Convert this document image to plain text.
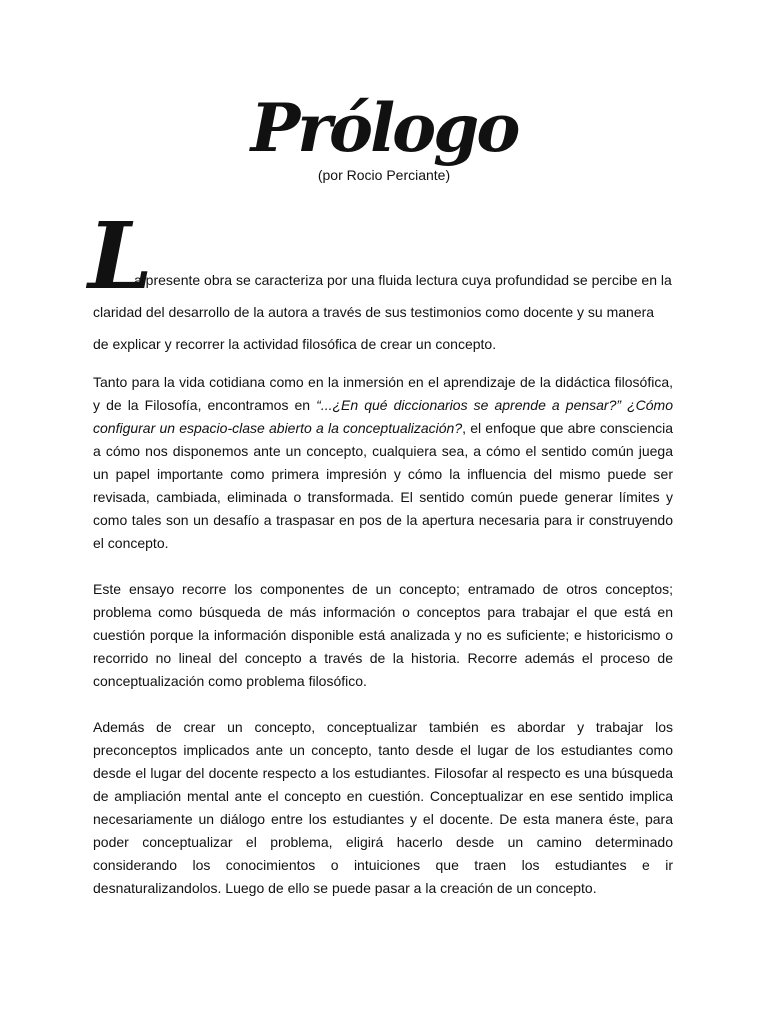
Prólogo
(por Rocio Perciante)
L
a presente obra se caracteriza por una fluida lectura cuya profundidad se percibe en la
claridad del desarrollo de la autora a través de sus testimonios como docente y su manera
de explicar y recorrer la actividad filosófica de crear un concepto.

Tanto para la vida cotidiana como en la inmersión en el aprendizaje de la didáctica filosófica, y de la Filosofía, encontramos en “...¿En qué diccionarios se aprende a pensar?” ¿Cómo configurar un espacio-clase abierto a la conceptualización?, el enfoque que abre consciencia a cómo nos disponemos ante un concepto, cualquiera sea, a cómo el sentido común juega un papel importante como primera impresión y cómo la influencia del mismo puede ser revisada, cambiada, eliminada o transformada. El sentido común puede generar límites y como tales son un desafío a traspasar en pos de la apertura necesaria para ir construyendo el concepto.

Este ensayo recorre los componentes de un concepto; entramado de otros conceptos; problema como búsqueda de más información o conceptos para trabajar el que está en cuestión porque la información disponible está analizada y no es suficiente; e historicismo o recorrido no lineal del concepto a través de la historia. Recorre además el proceso de conceptualización como problema filosófico.

Además de crear un concepto, conceptualizar también es abordar y trabajar los preconceptos implicados ante un concepto, tanto desde el lugar de los estudiantes como desde el lugar del docente respecto a los estudiantes. Filosofar al respecto es una búsqueda de ampliación mental ante el concepto en cuestión. Conceptualizar en ese sentido implica necesariamente un diálogo entre los estudiantes y el docente. De esta manera éste, para poder conceptualizar el problema, eligirá hacerlo desde un camino determinado considerando los conocimientos o intuiciones que traen los estudiantes e ir desnaturalizandolos. Luego de ello se puede pasar a la creación de un concepto.
